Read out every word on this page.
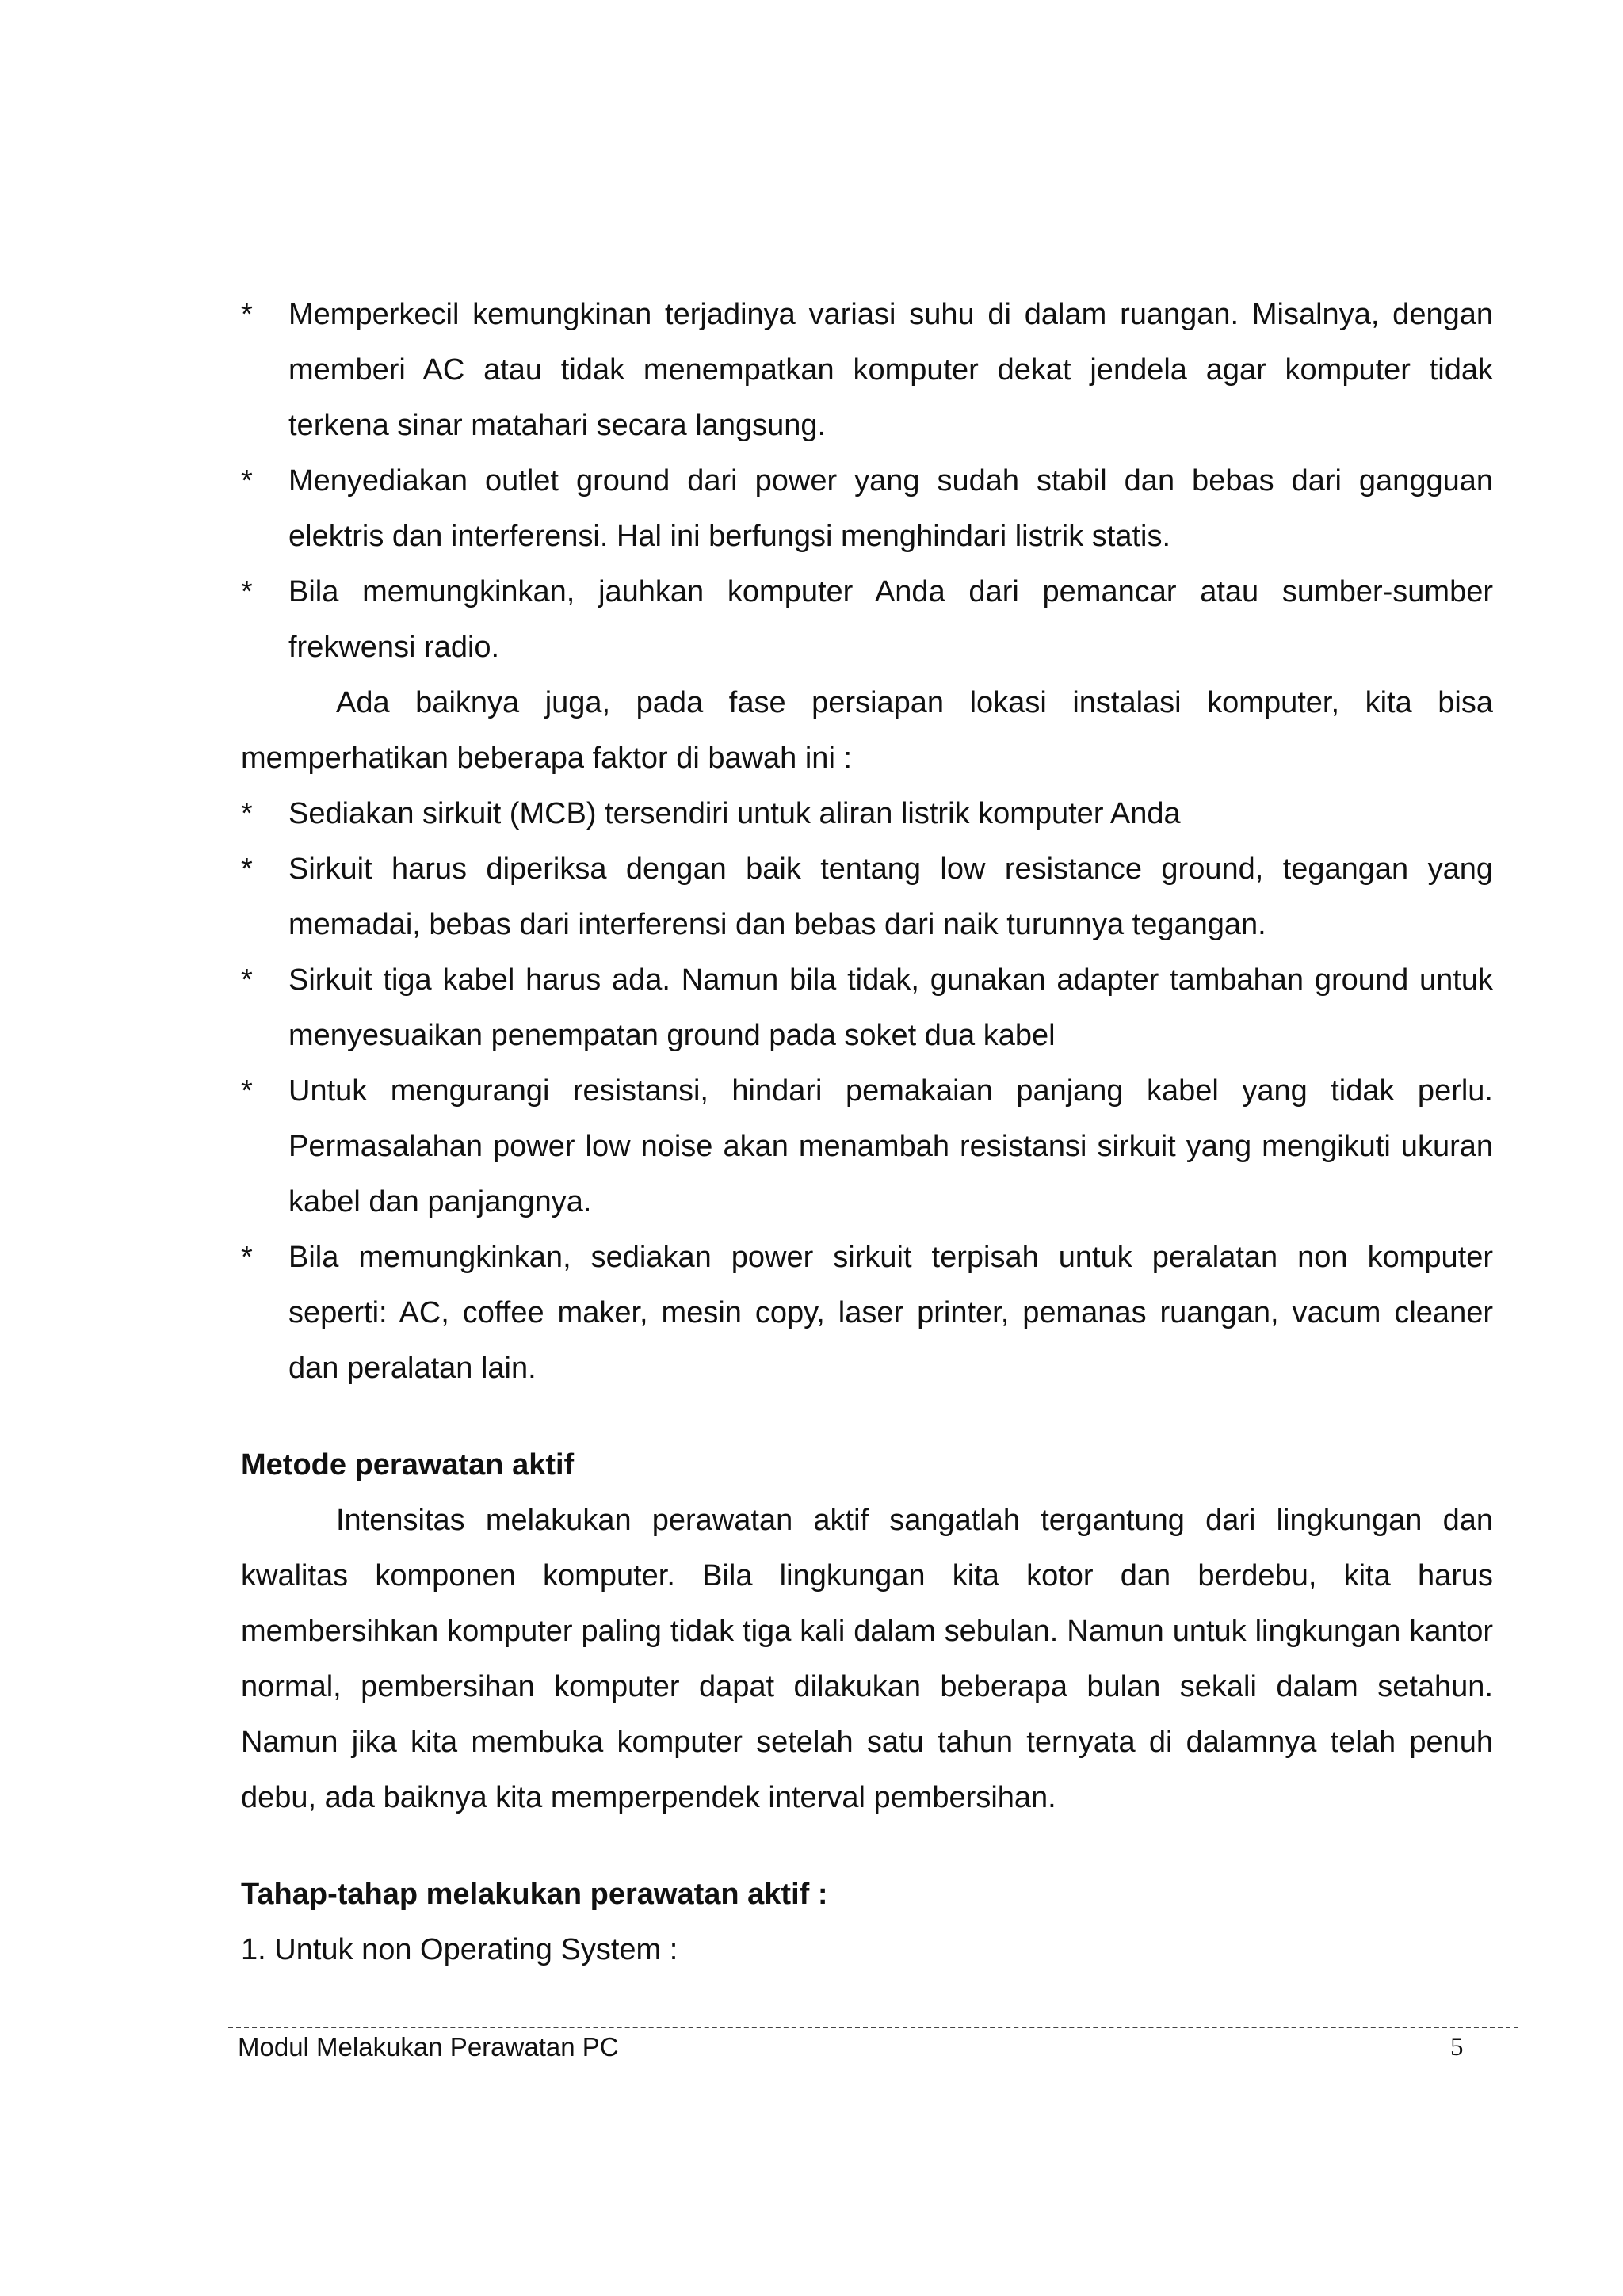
* Memperkecil kemungkinan terjadinya variasi suhu di dalam ruangan. Misalnya, dengan memberi AC atau tidak menempatkan komputer dekat jendela agar komputer tidak terkena sinar matahari secara langsung.
* Menyediakan outlet ground dari power yang sudah stabil dan bebas dari gangguan elektris dan interferensi. Hal ini berfungsi menghindari listrik statis.
* Bila memungkinkan, jauhkan komputer Anda dari pemancar atau sumber-sumber frekwensi radio.
Ada baiknya juga, pada fase persiapan lokasi instalasi komputer, kita bisa memperhatikan beberapa faktor di bawah ini :
* Sediakan sirkuit (MCB) tersendiri untuk aliran listrik komputer Anda
* Sirkuit harus diperiksa dengan baik tentang low resistance ground, tegangan yang memadai, bebas dari interferensi dan bebas dari naik turunnya tegangan.
* Sirkuit tiga kabel harus ada. Namun bila tidak, gunakan adapter tambahan ground untuk menyesuaikan penempatan ground pada soket dua kabel
* Untuk mengurangi resistansi, hindari pemakaian panjang kabel yang tidak perlu. Permasalahan power low noise akan menambah resistansi sirkuit yang mengikuti ukuran kabel dan panjangnya.
* Bila memungkinkan, sediakan power sirkuit terpisah untuk peralatan non komputer seperti: AC, coffee maker, mesin copy, laser printer, pemanas ruangan, vacum cleaner dan peralatan lain.
Metode perawatan aktif
Intensitas melakukan perawatan aktif sangatlah tergantung dari lingkungan dan kwalitas komponen komputer. Bila lingkungan kita kotor dan berdebu, kita harus membersihkan komputer paling tidak tiga kali dalam sebulan. Namun untuk lingkungan kantor normal, pembersihan komputer dapat dilakukan beberapa bulan sekali dalam setahun. Namun jika kita membuka komputer setelah satu tahun ternyata di dalamnya telah penuh debu, ada baiknya kita memperpendek interval pembersihan.
Tahap-tahap melakukan perawatan aktif :
1. Untuk non Operating System :
Modul Melakukan Perawatan PC	5
